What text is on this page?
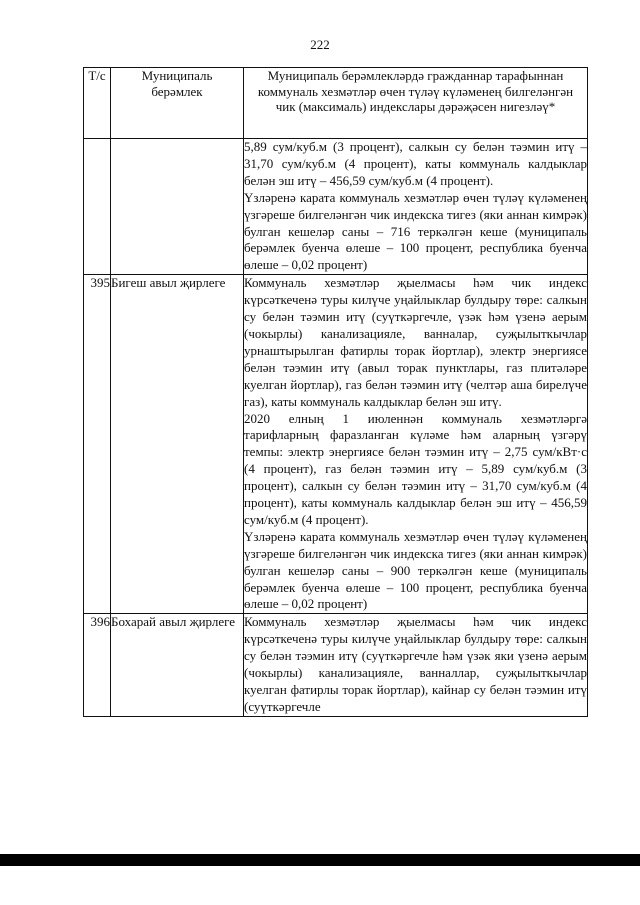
222
Т/с	Муниципаль берәмлек	Муниципаль берәмлекләрдә гражданнар тарафыннан коммуналь хезмәтләр өчен түләү күләменең билгеләнгән чик (максималь) индекслары дәрәҗәсен нигезләү*

		5,89 сум/куб.м (3 процент), салкын су белән тәэмин итү – 31,70 сум/куб.м (4 процент), каты коммуналь калдыклар белән эш итү – 456,59 сум/куб.м (4 процент).

Үзләренә карата коммуналь хезмәтләр өчен түләү күләменең үзгәреше билгеләнгән чик индекска тигез (яки аннан кимрәк) булган кешеләр саны – 716 теркәлгән кеше (муниципаль берәмлек буенча өлеше – 100 процент, республика буенча өлеше – 0,02 процент)

395	Бигеш авыл җирлеге	Коммуналь хезмәтләр җыелмасы һәм чик индекс күрсәткеченә туры килүче уңайлыклар булдыру төре: салкын су белән тәэмин итү (суүткәргечле, үзәк һәм үзенә аерым (чокырлы) канализацияле, ванналар, суҗылыткычлар урнаштырылган фатирлы торак йортлар), электр энергиясе белән тәэмин итү (авыл торак пунктлары, газ плитәләре куелган йортлар), газ белән тәэмин итү (челтәр аша бирелүче газ), каты коммуналь калдыклар белән эш итү.

2020 елның 1 июленнән коммуналь хезмәтләргә тарифларның фаразланган күләме һәм аларның үзгәрү темпы: электр энергиясе белән тәэмин итү – 2,75 сум/кВт·с (4 процент), газ белән тәэмин итү – 5,89 сум/куб.м (3 процент), салкын су белән тәэмин итү – 31,70 сум/куб.м (4 процент), каты коммуналь калдыклар белән эш итү – 456,59 сум/куб.м (4 процент).

Үзләренә карата коммуналь хезмәтләр өчен түләү күләменең үзгәреше билгеләнгән чик индекска тигез (яки аннан кимрәк) булган кешеләр саны – 900 теркәлгән кеше (муниципаль берәмлек буенча өлеше – 100 процент, республика буенча өлеше – 0,02 процент)

396	Бохарай авыл җирлеге	Коммуналь хезмәтләр җыелмасы һәм чик индекс күрсәткеченә туры килүче уңайлыклар булдыру төре: салкын су белән тәэмин итү (суүткәргечле һәм үзәк яки үзенә аерым (чокырлы) канализацияле, ванналлар, суҗылыткычлар куелган фатирлы торак йортлар), кайнар су белән тәэмин итү (суүткәргечле
